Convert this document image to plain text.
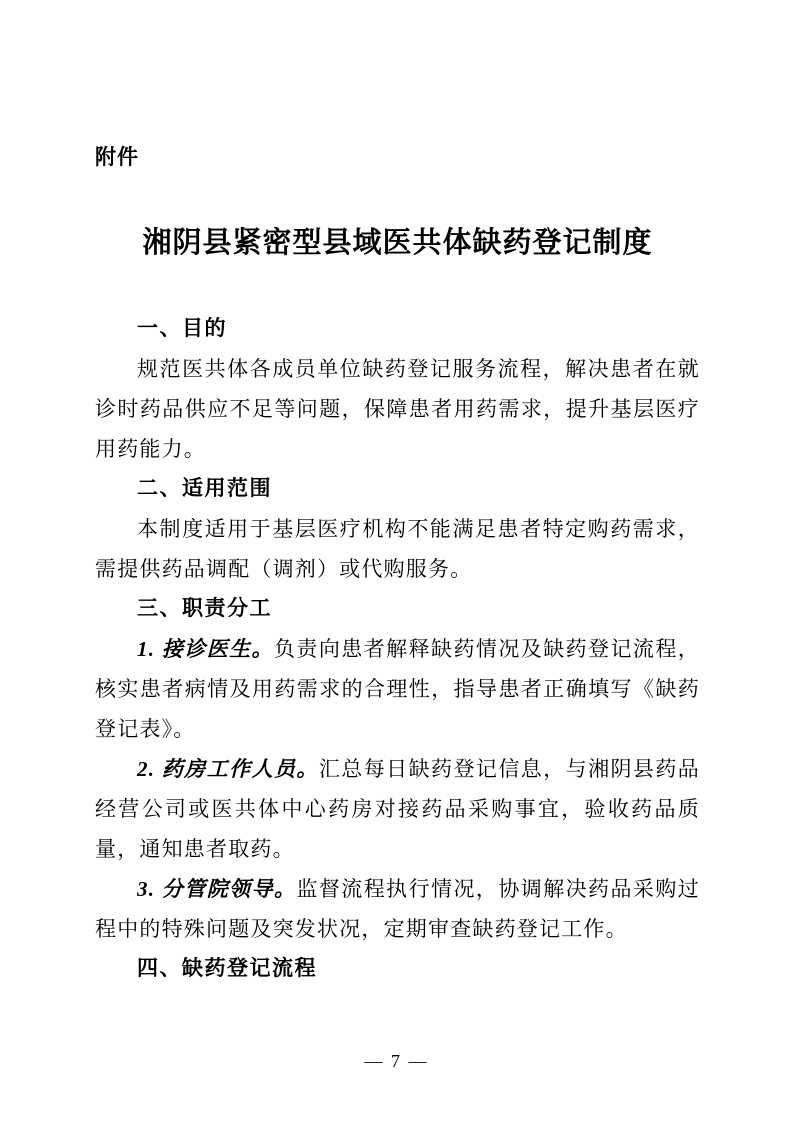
附件
湘阴县紧密型县域医共体缺药登记制度

一、目的

规范医共体各成员单位缺药登记服务流程，解决患者在就诊时药品供应不足等问题，保障患者用药需求，提升基层医疗用药能力。

二、适用范围

本制度适用于基层医疗机构不能满足患者特定购药需求，需提供药品调配（调剂）或代购服务。

三、职责分工

1. 接诊医生。负责向患者解释缺药情况及缺药登记流程，核实患者病情及用药需求的合理性，指导患者正确填写《缺药登记表》。

2. 药房工作人员。汇总每日缺药登记信息，与湘阴县药品经营公司或医共体中心药房对接药品采购事宜，验收药品质量，通知患者取药。

3. 分管院领导。监督流程执行情况，协调解决药品采购过程中的特殊问题及突发状况，定期审查缺药登记工作。

四、缺药登记流程

— 7 —
